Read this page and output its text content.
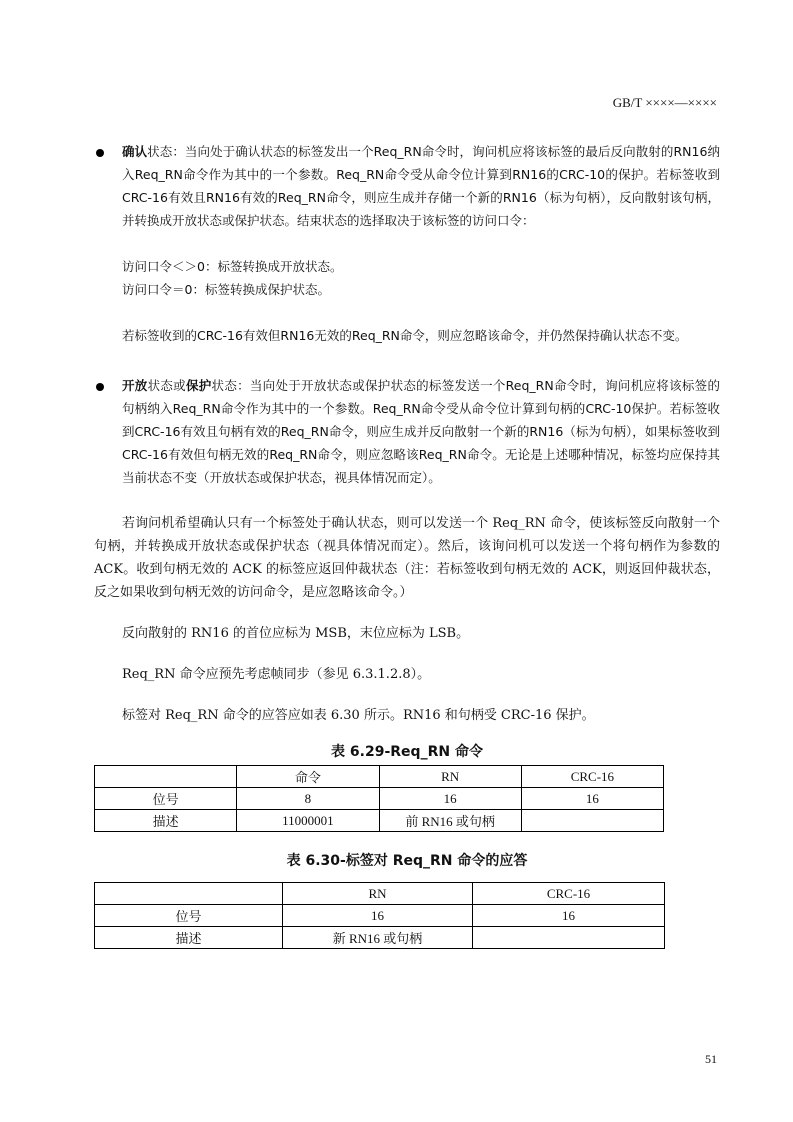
GB/T ××××—××××
确认状态：当向处于确认状态的标签发出一个Req_RN命令时，询问机应将该标签的最后反向散射的RN16纳入Req_RN命令作为其中的一个参数。Req_RN命令受从命令位计算到RN16的CRC-10的保护。若标签收到CRC-16有效且RN16有效的Req_RN命令，则应生成并存储一个新的RN16（标为句柄），反向散射该句柄，并转换成开放状态或保护状态。结束状态的选择取决于该标签的访问口令：
访问口令＜＞0：标签转换成开放状态。
访问口令＝0：标签转换成保护状态。
若标签收到的CRC-16有效但RN16无效的Req_RN命令，则应忽略该命令，并仍然保持确认状态不变。
开放状态或保护状态：当向处于开放状态或保护状态的标签发送一个Req_RN命令时，询问机应将该标签的句柄纳入Req_RN命令作为其中的一个参数。Req_RN命令受从命令位计算到句柄的CRC-10保护。若标签收到CRC-16有效且句柄有效的Req_RN命令，则应生成并反向散射一个新的RN16（标为句柄），如果标签收到CRC-16有效但句柄无效的Req_RN命令，则应忽略该Req_RN命令。无论是上述哪种情况，标签均应保持其当前状态不变（开放状态或保护状态，视具体情况而定）。
若询问机希望确认只有一个标签处于确认状态，则可以发送一个 Req_RN 命令，使该标签反向散射一个句柄，并转换成开放状态或保护状态（视具体情况而定）。然后，该询问机可以发送一个将句柄作为参数的 ACK。收到句柄无效的 ACK 的标签应返回仲裁状态（注：若标签收到句柄无效的 ACK，则返回仲裁状态，反之如果收到句柄无效的访问命令，是应忽略该命令。）
反向散射的 RN16 的首位应标为 MSB，末位应标为 LSB。
Req_RN 命令应预先考虑帧同步（参见 6.3.1.2.8）。
标签对 Req_RN 命令的应答应如表 6.30 所示。RN16 和句柄受 CRC-16 保护。
表 6.29-Req_RN 命令
	命令	RN	CRC-16
位号	8	16	16
描述	11000001	前 RN16 或句柄	
表 6.30-标签对 Req_RN 命令的应答
	RN	CRC-16
位号	16	16
描述	新 RN16 或句柄	
51
